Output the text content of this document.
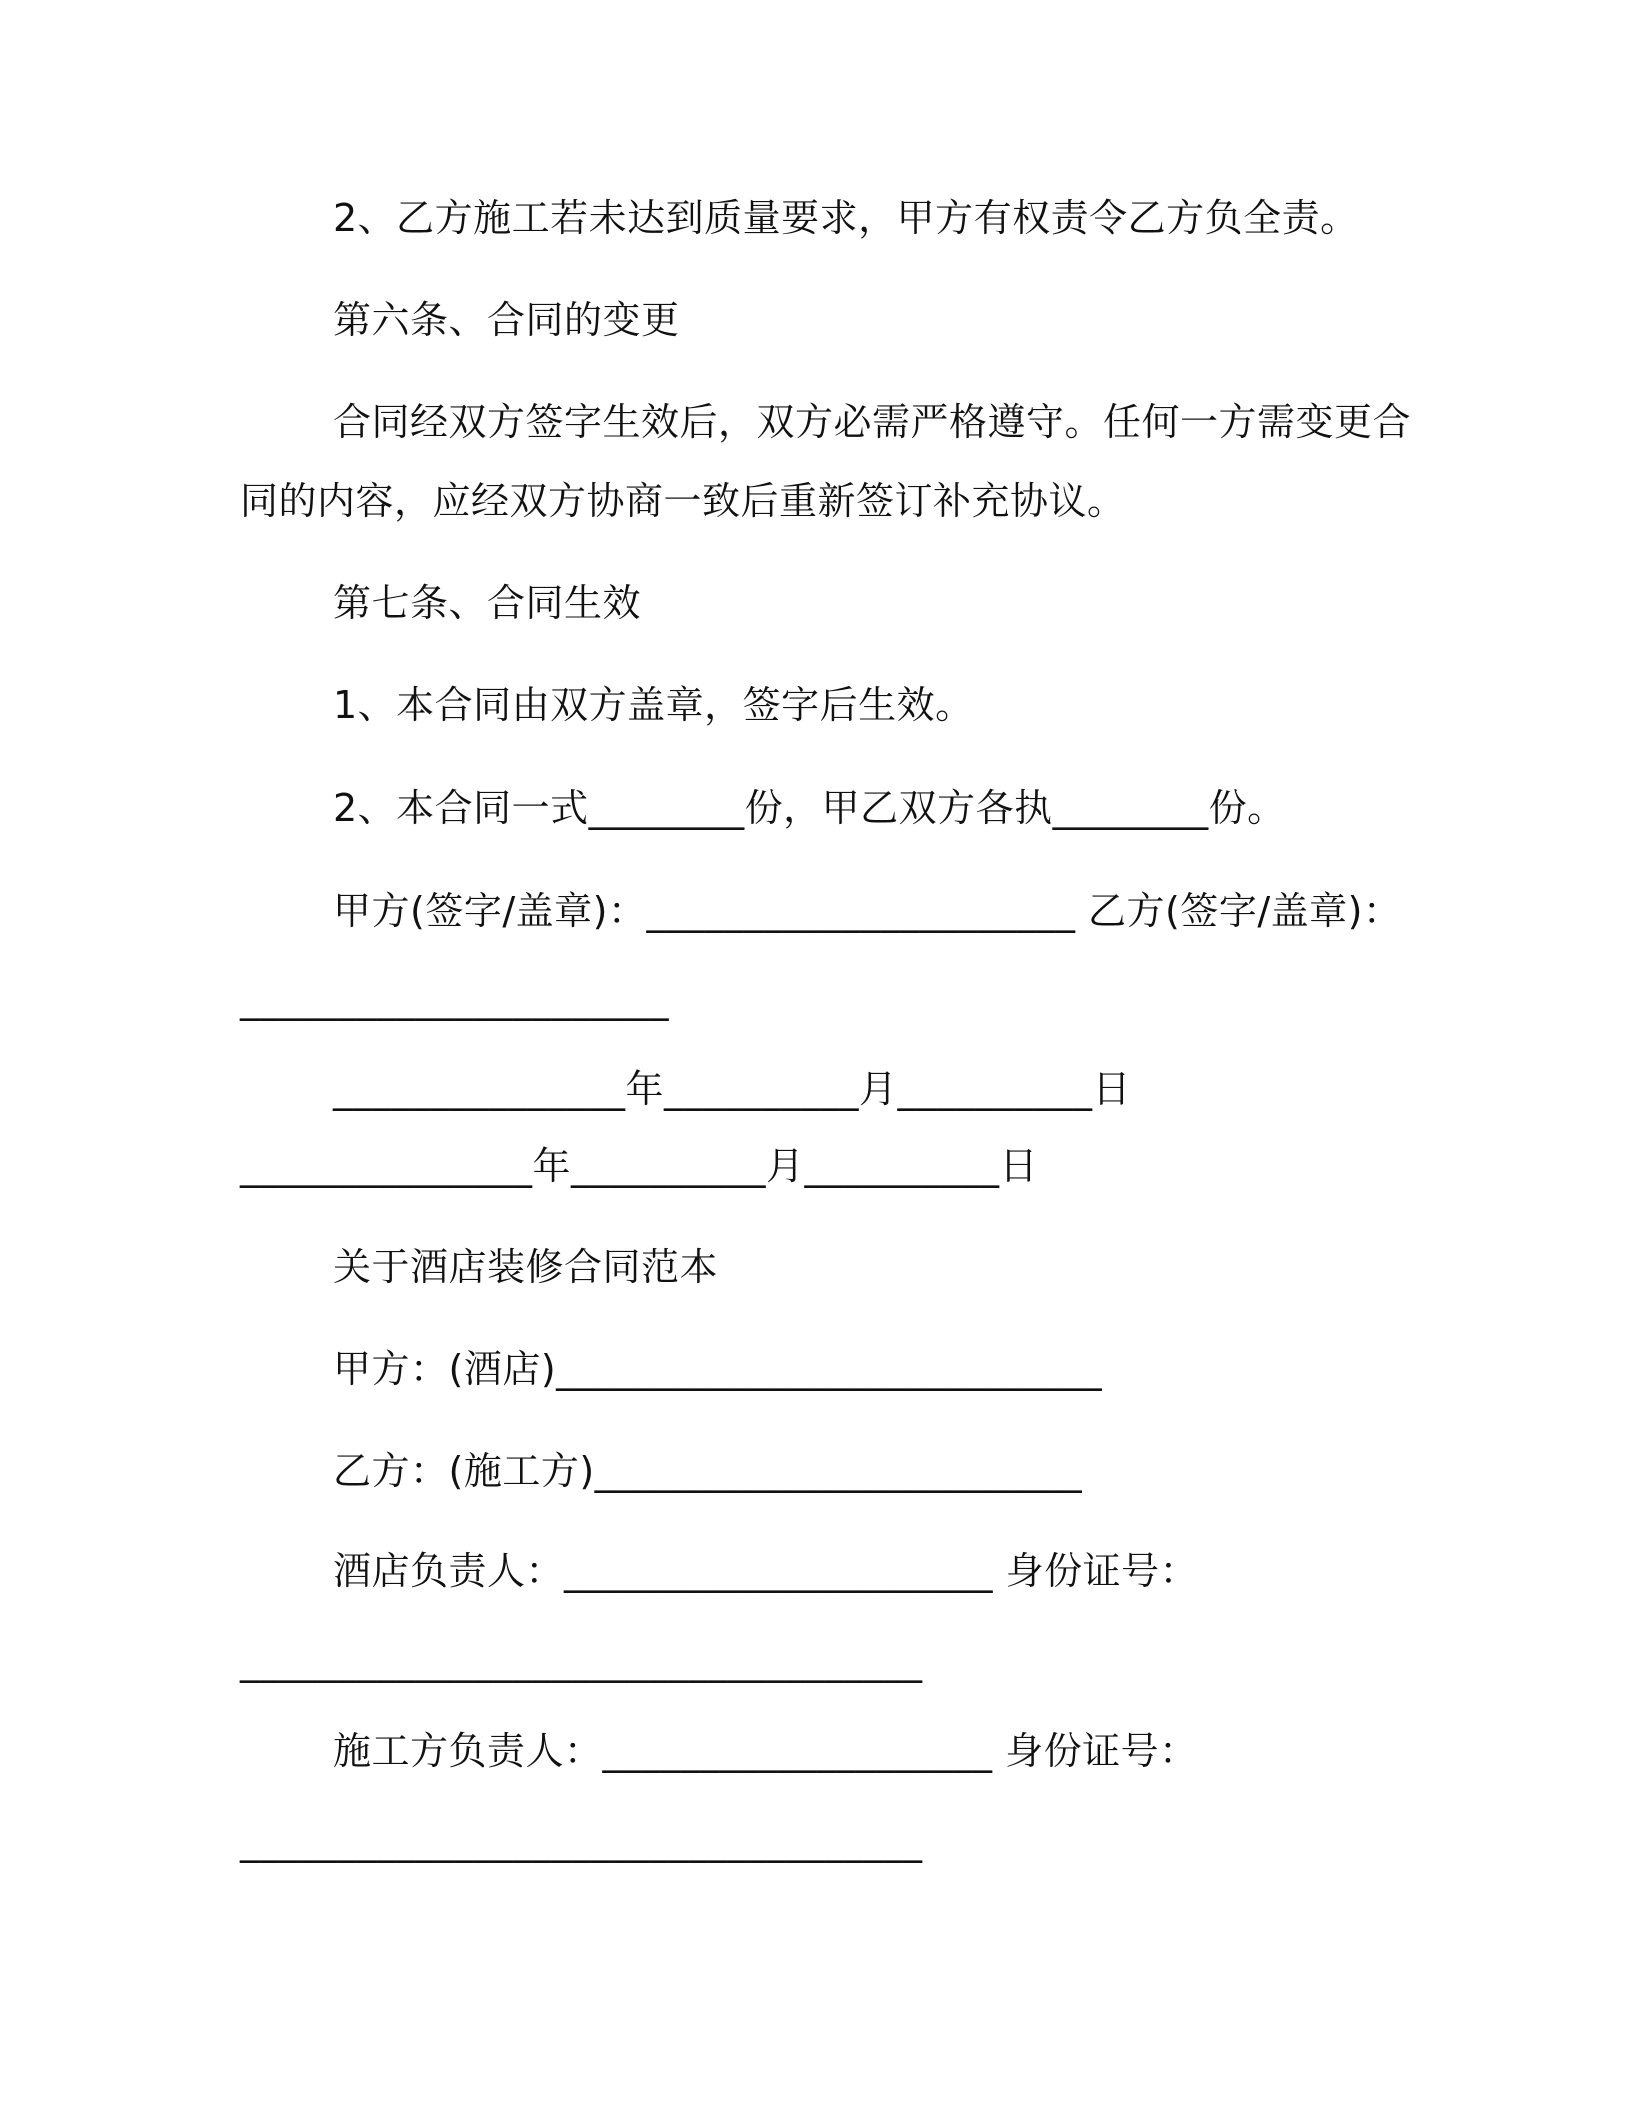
2、乙方施工若未达到质量要求，甲方有权责令乙方负全责。
第六条、合同的变更
合同经双方签字生效后，双方必需严格遵守。任何一方需变更合
同的内容，应经双方协商一致后重新签订补充协议。
第七条、合同生效
1、本合同由双方盖章，签字后生效。
2、本合同一式________份，甲乙双方各执________份。
甲方(签字/盖章)：______________________ 乙方(签字/盖章)：
______________________
_______________年__________月__________日
_______________年__________月__________日
关于酒店装修合同范本
甲方：(酒店)____________________________
乙方：(施工方)_________________________
酒店负责人：______________________ 身份证号：
___________________________________
施工方负责人：____________________ 身份证号：
___________________________________
